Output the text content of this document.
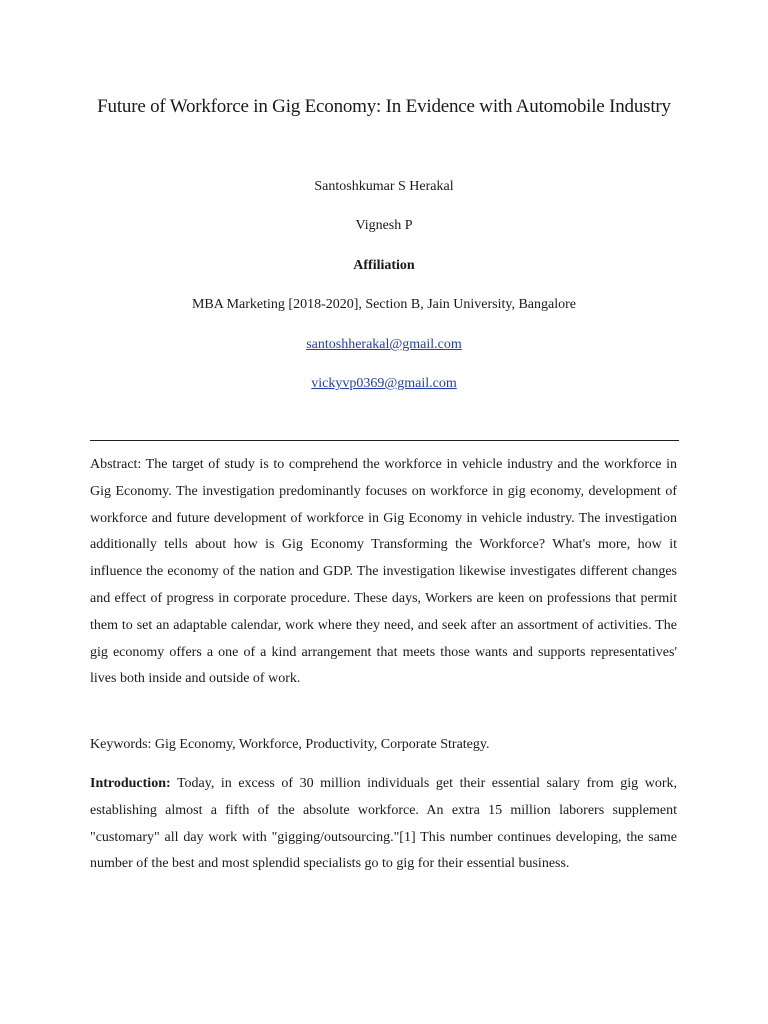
Future of Workforce in Gig Economy: In Evidence with Automobile Industry
Santoshkumar S Herakal
Vignesh P
Affiliation
MBA Marketing [2018-2020], Section B, Jain University, Bangalore
santoshherakal@gmail.com
vickyvp0369@gmail.com
Abstract: The target of study is to comprehend the workforce in vehicle industry and the workforce in Gig Economy. The investigation predominantly focuses on workforce in gig economy, development of workforce and future development of workforce in Gig Economy in vehicle industry. The investigation additionally tells about how is Gig Economy Transforming the Workforce? What's more, how it influence the economy of the nation and GDP. The investigation likewise investigates different changes and effect of progress in corporate procedure. These days, Workers are keen on professions that permit them to set an adaptable calendar, work where they need, and seek after an assortment of activities. The gig economy offers a one of a kind arrangement that meets those wants and supports representatives' lives both inside and outside of work.
Keywords: Gig Economy, Workforce, Productivity, Corporate Strategy.
Introduction: Today, in excess of 30 million individuals get their essential salary from gig work, establishing almost a fifth of the absolute workforce. An extra 15 million laborers supplement "customary" all day work with "gigging/outsourcing."[1] This number continues developing, the same number of the best and most splendid specialists go to gig for their essential business.
